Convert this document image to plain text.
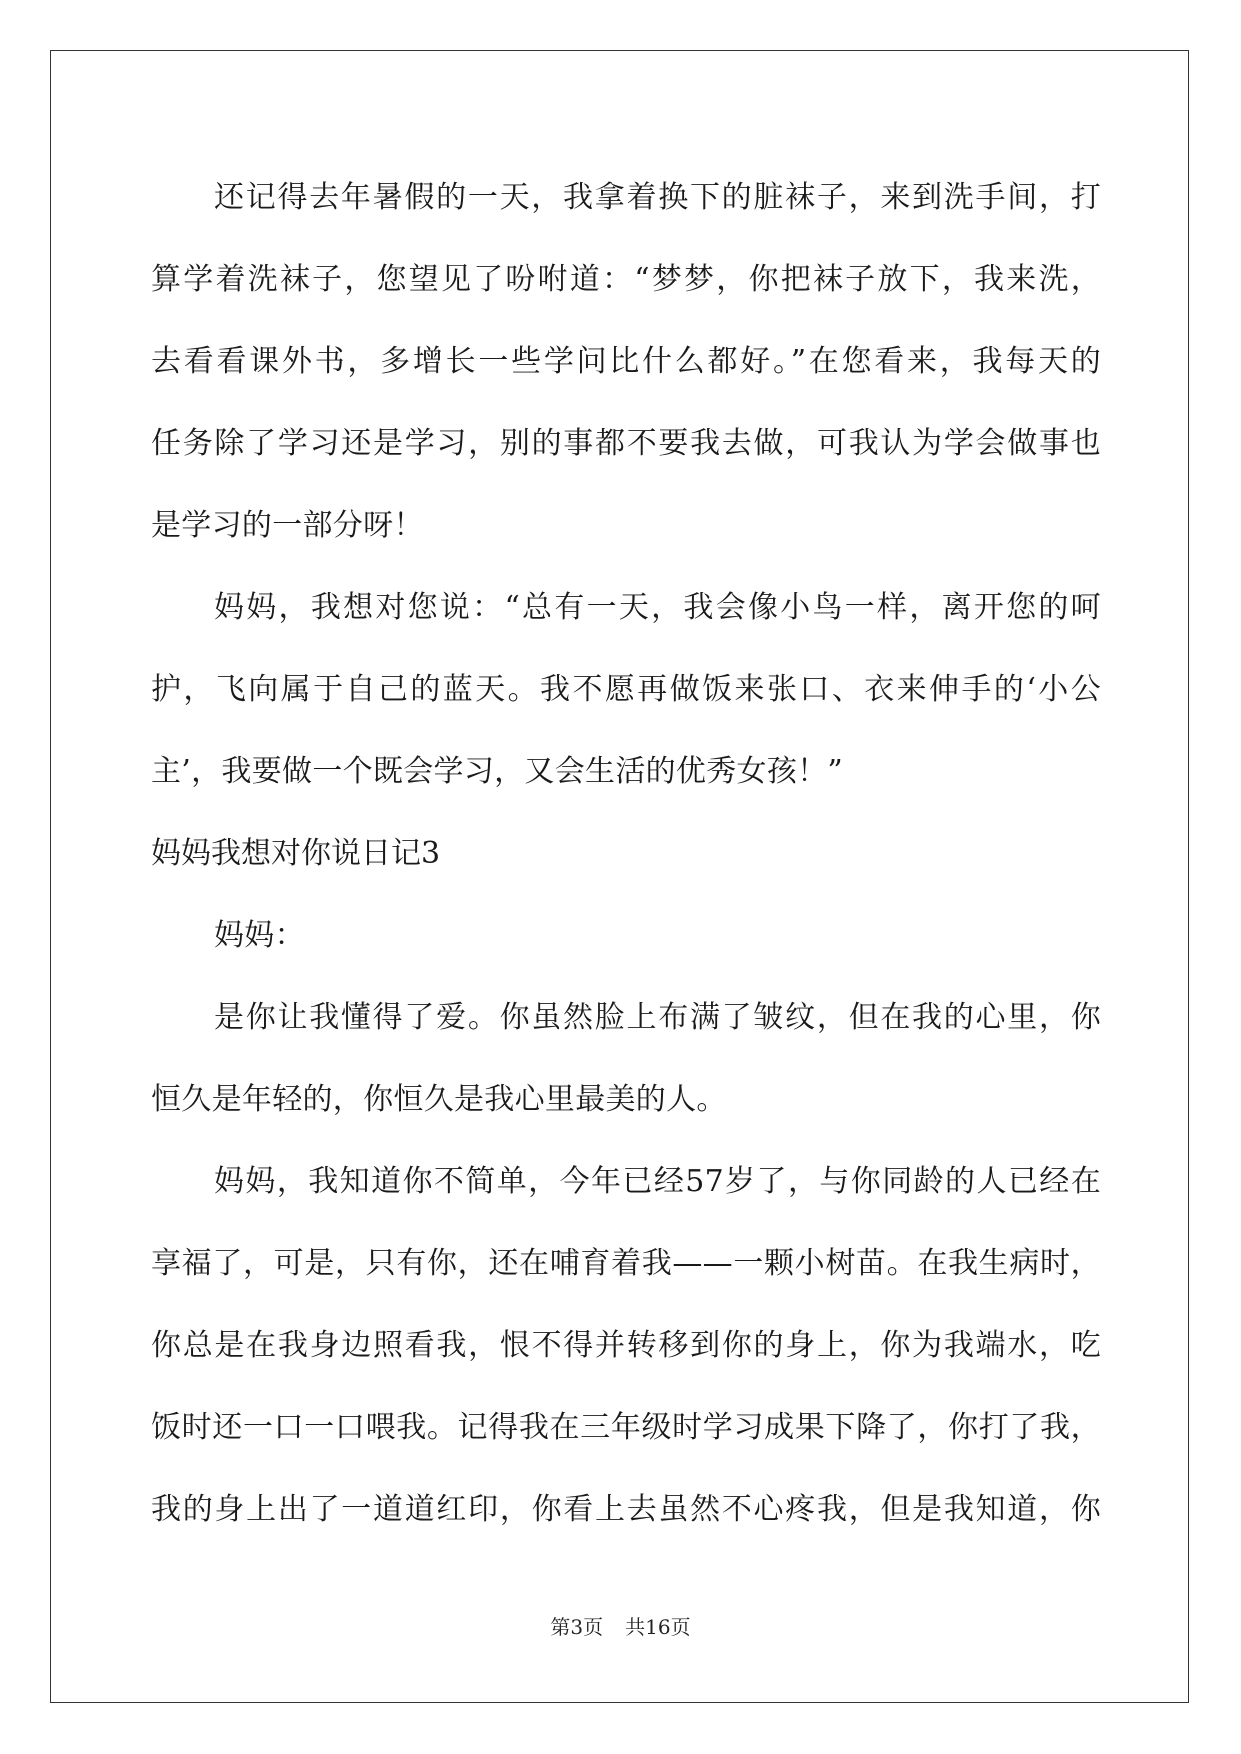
还记得去年暑假的一天，我拿着换下的脏袜子，来到洗手间，打
算学着洗袜子，您望见了吩咐道：“梦梦，你把袜子放下，我来洗，
去看看课外书，多增长一些学问比什么都好。”在您看来，我每天的
任务除了学习还是学习，别的事都不要我去做，可我认为学会做事也
是学习的一部分呀！
妈妈，我想对您说：“总有一天，我会像小鸟一样，离开您的呵
护，飞向属于自己的蓝天。我不愿再做饭来张口、衣来伸手的‘小公
主’，我要做一个既会学习，又会生活的优秀女孩！”
妈妈我想对你说日记3
妈妈：
是你让我懂得了爱。你虽然脸上布满了皱纹，但在我的心里，你
恒久是年轻的，你恒久是我心里最美的人。
妈妈，我知道你不简单，今年已经57岁了，与你同龄的人已经在
享福了，可是，只有你，还在哺育着我——一颗小树苗。在我生病时，
你总是在我身边照看我，恨不得并转移到你的身上，你为我端水，吃
饭时还一口一口喂我。记得我在三年级时学习成果下降了，你打了我，
我的身上出了一道道红印，你看上去虽然不心疼我，但是我知道，你
第3页 共16页
